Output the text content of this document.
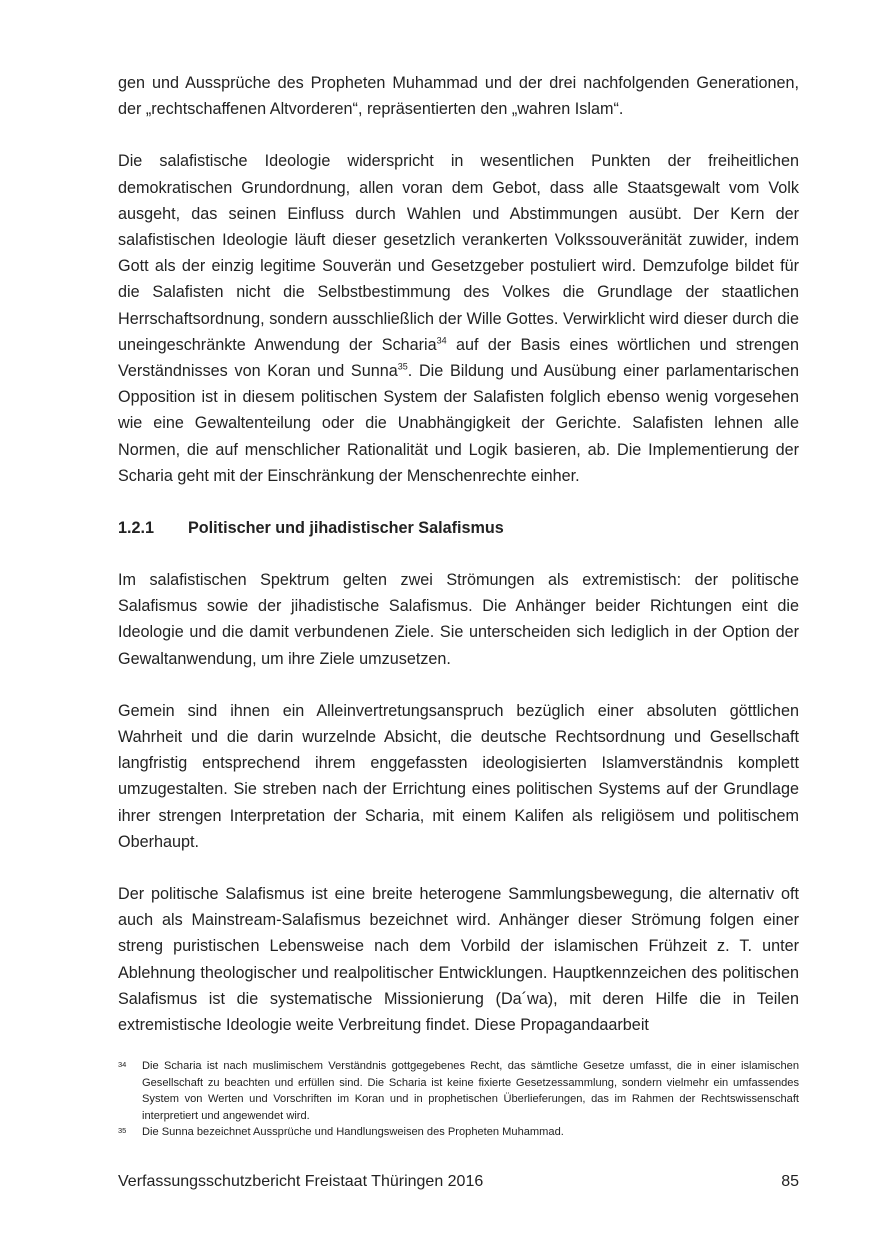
gen und Aussprüche des Propheten Muhammad und der drei nachfolgenden Generationen, der „rechtschaffenen Altvorderen“, repräsentierten den „wahren Islam“.

Die salafistische Ideologie widerspricht in wesentlichen Punkten der freiheitlichen demokratischen Grundordnung, allen voran dem Gebot, dass alle Staatsgewalt vom Volk ausgeht, das seinen Einfluss durch Wahlen und Abstimmungen ausübt. Der Kern der salafistischen Ideologie läuft dieser gesetzlich verankerten Volkssouveränität zuwider, indem Gott als der einzig legitime Souverän und Gesetzgeber postuliert wird. Demzufolge bildet für die Salafisten nicht die Selbstbestimmung des Volkes die Grundlage der staatlichen Herrschaftsordnung, sondern ausschließlich der Wille Gottes. Verwirklicht wird dieser durch die uneingeschränkte Anwendung der Scharia$^{34}$ auf der Basis eines wörtlichen und strengen Verständnisses von Koran und Sunna$^{35}$. Die Bildung und Ausübung einer parlamentarischen Opposition ist in diesem politischen System der Salafisten folglich ebenso wenig vorgesehen wie eine Gewaltenteilung oder die Unabhängigkeit der Gerichte. Salafisten lehnen alle Normen, die auf menschlicher Rationalität und Logik basieren, ab. Die Implementierung der Scharia geht mit der Einschränkung der Menschenrechte einher.

1.2.1	Politischer und jihadistischer Salafismus

Im salafistischen Spektrum gelten zwei Strömungen als extremistisch: der politische Salafismus sowie der jihadistische Salafismus. Die Anhänger beider Richtungen eint die Ideologie und die damit verbundenen Ziele. Sie unterscheiden sich lediglich in der Option der Gewaltanwendung, um ihre Ziele umzusetzen.

Gemein sind ihnen ein Alleinvertretungsanspruch bezüglich einer absoluten göttlichen Wahrheit und die darin wurzelnde Absicht, die deutsche Rechtsordnung und Gesellschaft langfristig entsprechend ihrem enggefassten ideologisierten Islamverständnis komplett umzugestalten. Sie streben nach der Errichtung eines politischen Systems auf der Grundlage ihrer strengen Interpretation der Scharia, mit einem Kalifen als religiösem und politischem Oberhaupt.

Der politische Salafismus ist eine breite heterogene Sammlungsbewegung, die alternativ oft auch als Mainstream-Salafismus bezeichnet wird. Anhänger dieser Strömung folgen einer streng puristischen Lebensweise nach dem Vorbild der islamischen Frühzeit z. T. unter Ablehnung theologischer und realpolitischer Entwicklungen. Hauptkennzeichen des politischen Salafismus ist die systematische Missionierung (Da´wa), mit deren Hilfe die in Teilen extremistische Ideologie weite Verbreitung findet. Diese Propagandaarbeit

34	Die Scharia ist nach muslimischem Verständnis gottgegebenes Recht, das sämtliche Gesetze umfasst, die in einer islamischen Gesellschaft zu beachten und erfüllen sind. Die Scharia ist keine fixierte Gesetzessammlung, sondern vielmehr ein umfassendes System von Werten und Vorschriften im Koran und in prophetischen Überlieferungen, das im Rahmen der Rechtswissenschaft interpretiert und angewendet wird.
35	Die Sunna bezeichnet Aussprüche und Handlungsweisen des Propheten Muhammad.
Verfassungsschutzbericht Freistaat Thüringen 2016	85
